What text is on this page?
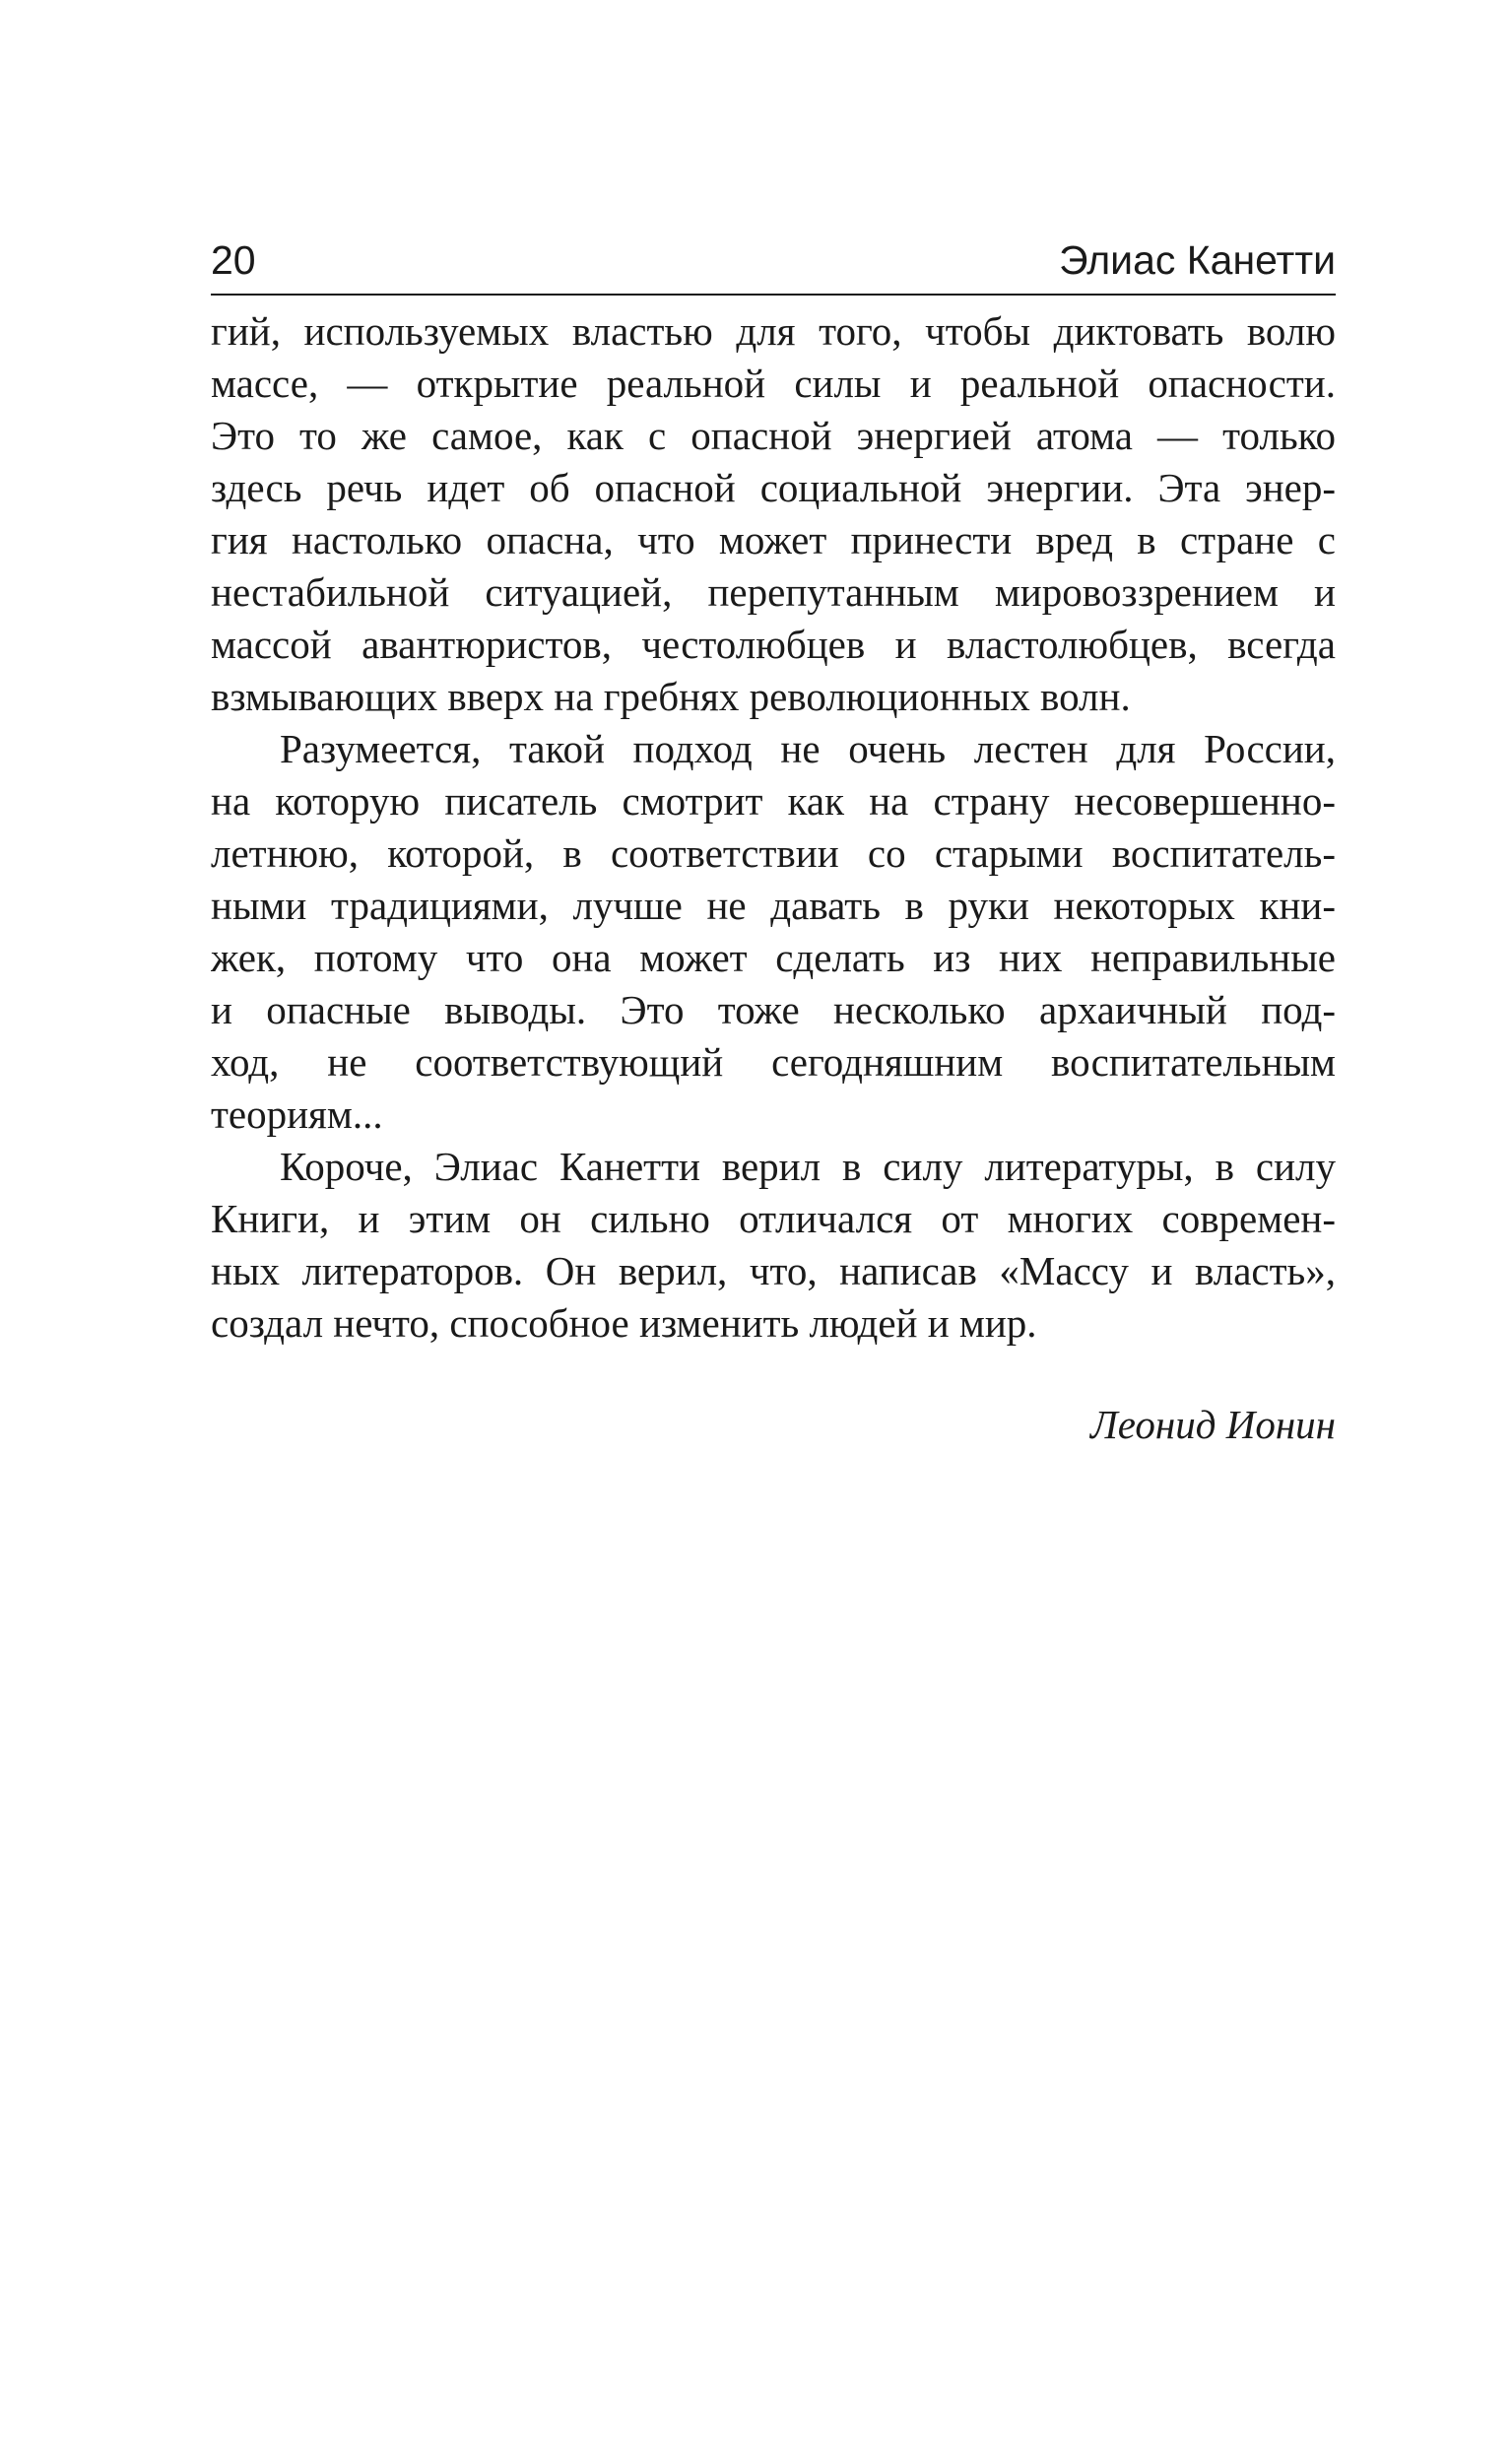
20	Элиас Канетти
гий, используемых властью для того, чтобы диктовать волю
массе, — открытие реальной силы и реальной опасности.
Это то же самое, как с опасной энергией атома — только
здесь речь идет об опасной социальной энергии. Эта энер-
гия настолько опасна, что может принести вред в стране с
нестабильной ситуацией, перепутанным мировоззрением и
массой авантюристов, честолюбцев и властолюбцев, всегда
взмывающих вверх на гребнях революционных волн.
Разумеется, такой подход не очень лестен для России,
на которую писатель смотрит как на страну несовершенно-
летнюю, которой, в соответствии со старыми воспитатель-
ными традициями, лучше не давать в руки некоторых кни-
жек, потому что она может сделать из них неправильные
и опасные выводы. Это тоже несколько архаичный под-
ход, не соответствующий сегодняшним воспитательным
теориям...
Короче, Элиас Канетти верил в силу литературы, в силу
Книги, и этим он сильно отличался от многих современ-
ных литераторов. Он верил, что, написав «Массу и власть»,
создал нечто, способное изменить людей и мир.
Леонид Ионин
